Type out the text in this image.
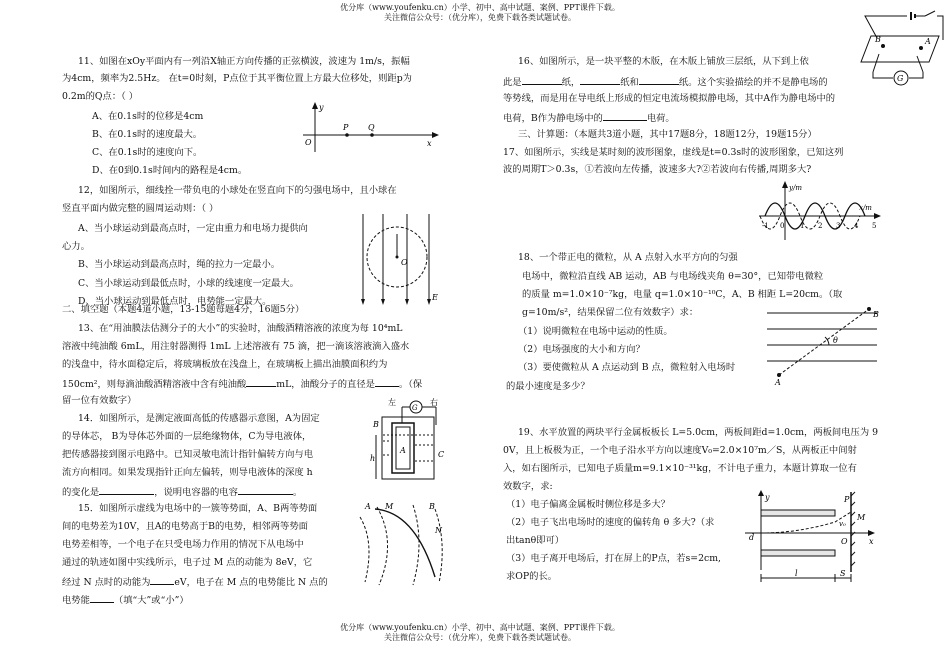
优分库（www.youfenku.cn）小学、初中、高中试题、案例、PPT课件下载。
关注微信公众号：（优分库），免费下载各类试题试卷。
11、如图在xOy平面内有一列沿X轴正方向传播的正弦横波，波速为 1m/s，振幅
为4cm，频率为2.5Hz。 在t=0时刻，P点位于其平衡位置上方最大位移处，则距p为
0.2m的Q点：（ ）
A、在0.1s时的位移是4cm
B、在0.1s时的速度最大。
C、在0.1s时的速度向下。
D、在0到0.1s时间内的路程是4cm。
y
x
O
P Q
12，如图所示，细线拴一带负电的小球处在竖直向下的匀强电场中，且小球在
竖直平面内做完整的圆周运动则：（ ）
A、当小球运动到最高点时，一定由重力和电场力提供向
心力。
B、当小球运动到最高点时，绳的拉力一定最小。
C、当小球运动到最低点时，小球的线速度一定最大。
D、当小球运动到最低点时，电势能一定最大。
O
E
二、填空题（本题4道小题，13-15题每题4分，16题5分）
13、在“用油膜法估测分子的大小”的实验时，油酸酒精溶液的浓度为每 10⁴mL
溶液中纯油酸 6mL，用注射器测得 1mL 上述溶液有 75 滴，把一滴该溶液滴入盛水
的浅盘中，待水面稳定后，将玻璃板放在浅盘上，在玻璃板上描出油膜面积约为
150cm²，则每滴油酸酒精溶液中含有纯油酸	mL，油酸分子的直径是	。（保
留一位有效数字）
14．如图所示，是测定液面高低的传感器示意图，A为固定
的导体芯， B为导体芯外面的一层绝缘物体，C为导电液体，
把传感器接到图示电路中。已知灵敏电流计指针偏转方向与电
流方向相同。如果发现指针正向左偏转，则导电液体的深度 h
的变化是	，说明电容器的电容	。
左	右
G
A
B
h	C
15．如图所示虚线为电场中的一簇等势面，A、B两等势面
间的电势差为10V，且A的电势高于B的电势，相邻两等势面
电势差相等，一个电子在只受电场力作用的情况下从电场中
通过的轨迹如图中实线所示，电子过 M 点的动能为 8eV，它
经过 N 点时的动能为	eV，电子在 M 点的电势能比 N 点的
电势能	（填“大”或“小”）
A	B
M
N
16、如图所示，是一块平整的木版，在木版上铺放三层纸，从下到上依
此是	纸，	纸和	纸。这个实验描绘的并不是静电场的
等势线，而是用在导电纸上形成的恒定电流场模拟静电场，其中A作为静电场中的
电荷，B作为静电场中的	电荷。
B	A
G
三、计算题：（本题共3道小题，其中17题8分，18题12分，19题15分）
17、如图所示，实线是某时刻的波形图象，虚线是t=0.3s时的波形图象，已知这列
波的周期T＞0.3s，①若波向左传播，波速多大?②若波向右传播,周期多大?
y/m
x/m
-1 0 1 2 3 4 5
18、一个带正电的微粒，从 A 点射入水平方向的匀强
电场中，微粒沿直线 AB 运动，AB 与电场线夹角 θ=30°，已知带电微粒
的质量 m=1.0×10⁻⁷kg，电量 q=1.0×10⁻¹⁰C，A、B 相距 L=20cm。（取
g=10m/s²，结果保留二位有效数字）求：
（1）说明微粒在电场中运动的性质。
（2）电场强度的大小和方向？
（3）要使微粒从 A 点运动到 B 点，微粒射入电场时
的最小速度是多少？
θ
A
B
19、水平放置的两块平行金属板板长 L=5.0cm，两板间距d=1.0cm，两板间电压为 9
0V，且上板极为正，一个电子沿水平方向以速度V₀=2.0×10⁷m／S，从两板正中间射
入，如右图所示，已知电子质量m=9.1×10⁻³¹kg，不计电子重力，本题计算取一位有
效数字，求:
（1）电子偏离金属板时侧位移是多大？
（2）电子飞出电场时的速度的偏转角 θ 多大?（求
出tanθ即可）
（3）电子离开电场后，打在屏上的P点，若s=2cm,
求OP的长。
y
x
d
v₀
P
M
O
l	S
优分库（www.youfenku.cn）小学、初中、高中试题、案例、PPT课件下载。
关注微信公众号：（优分库），免费下载各类试题试卷。
